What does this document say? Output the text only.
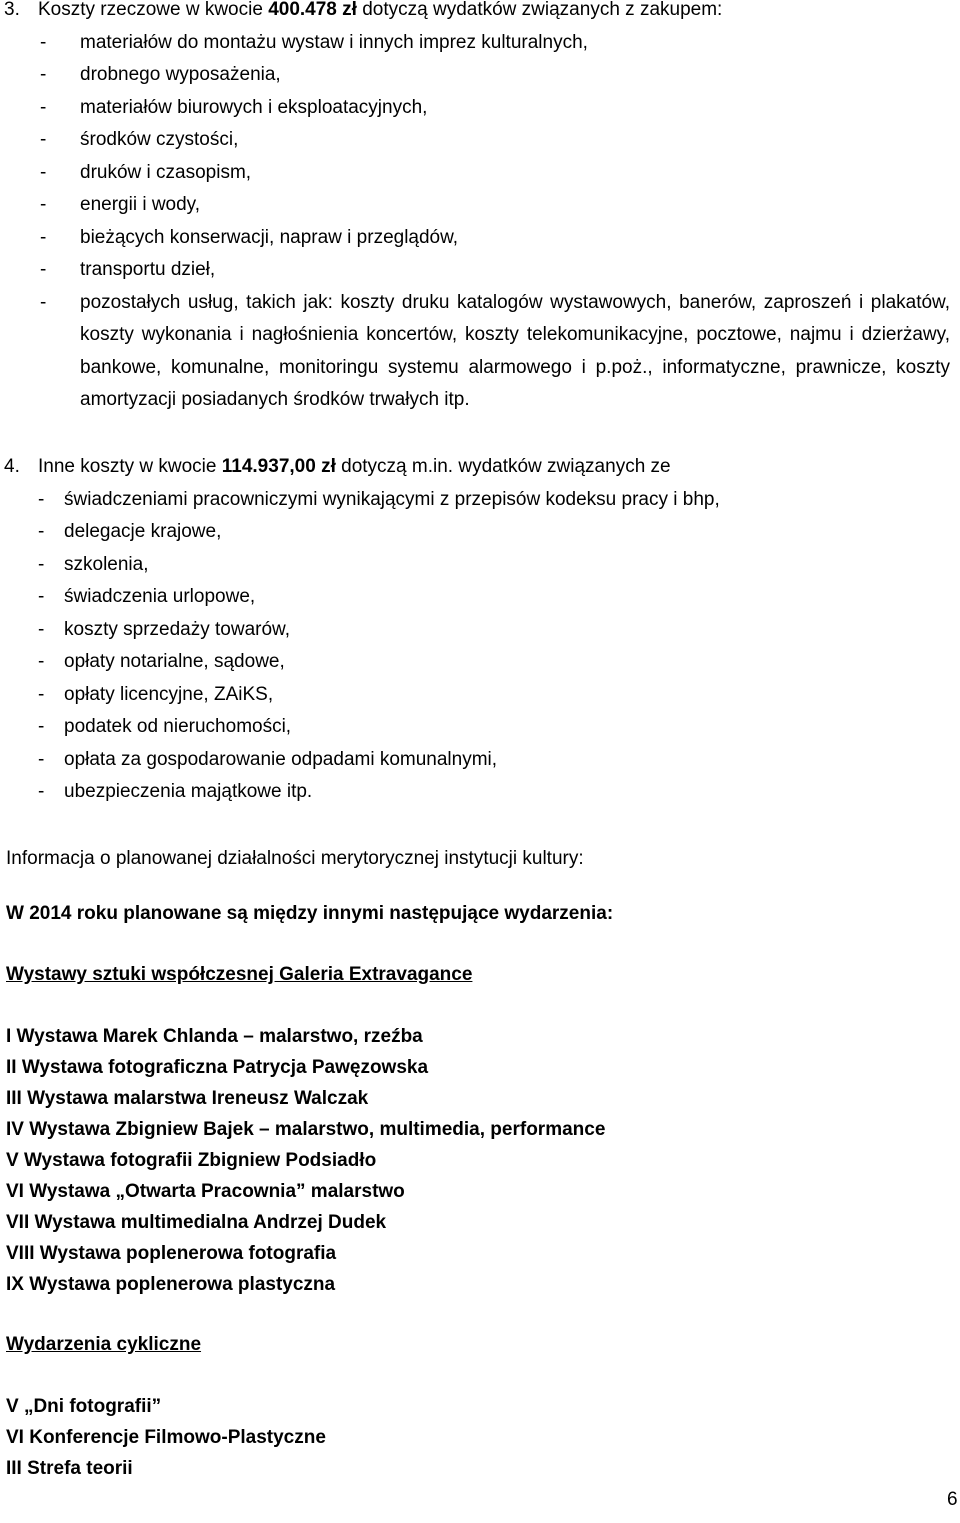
3. Koszty rzeczowe w kwocie 400.478 zł dotyczą wydatków związanych z zakupem:
- materiałów do montażu wystaw i innych imprez kulturalnych,
- drobnego wyposażenia,
- materiałów biurowych i eksploatacyjnych,
- środków czystości,
- druków i czasopism,
- energii i wody,
- bieżących konserwacji, napraw i przeglądów,
- transportu dzieł,
- pozostałych usług, takich jak: koszty druku katalogów wystawowych, banerów, zaproszeń i plakatów, koszty wykonania i nagłośnienia koncertów, koszty telekomunikacyjne, pocztowe, najmu i dzierżawy, bankowe, komunalne, monitoringu systemu alarmowego i p.poż., informatyczne, prawnicze, koszty amortyzacji posiadanych środków trwałych itp.
4. Inne koszty w kwocie 114.937,00 zł dotyczą m.in. wydatków związanych ze
- świadczeniami pracowniczymi wynikającymi z przepisów kodeksu pracy i bhp,
- delegacje krajowe,
- szkolenia,
- świadczenia urlopowe,
- koszty sprzedaży towarów,
- opłaty notarialne, sądowe,
- opłaty licencyjne, ZAiKS,
- podatek od nieruchomości,
- opłata za gospodarowanie odpadami komunalnymi,
- ubezpieczenia majątkowe itp.
Informacja o planowanej działalności merytorycznej instytucji kultury:
W 2014 roku planowane są między innymi następujące wydarzenia:
Wystawy sztuki współczesnej Galeria Extravagance
I Wystawa Marek Chlanda – malarstwo, rzeźba
II Wystawa fotograficzna Patrycja Pawęzowska
III Wystawa malarstwa Ireneusz Walczak
IV Wystawa Zbigniew Bajek – malarstwo, multimedia, performance
V Wystawa fotografii Zbigniew Podsiadło
VI Wystawa „Otwarta Pracownia” malarstwo
VII Wystawa multimedialna Andrzej Dudek
VIII Wystawa poplenerowa fotografia
IX Wystawa poplenerowa plastyczna
Wydarzenia cykliczne
V „Dni fotografii”
VI Konferencje Filmowo-Plastyczne
III Strefa teorii
6
